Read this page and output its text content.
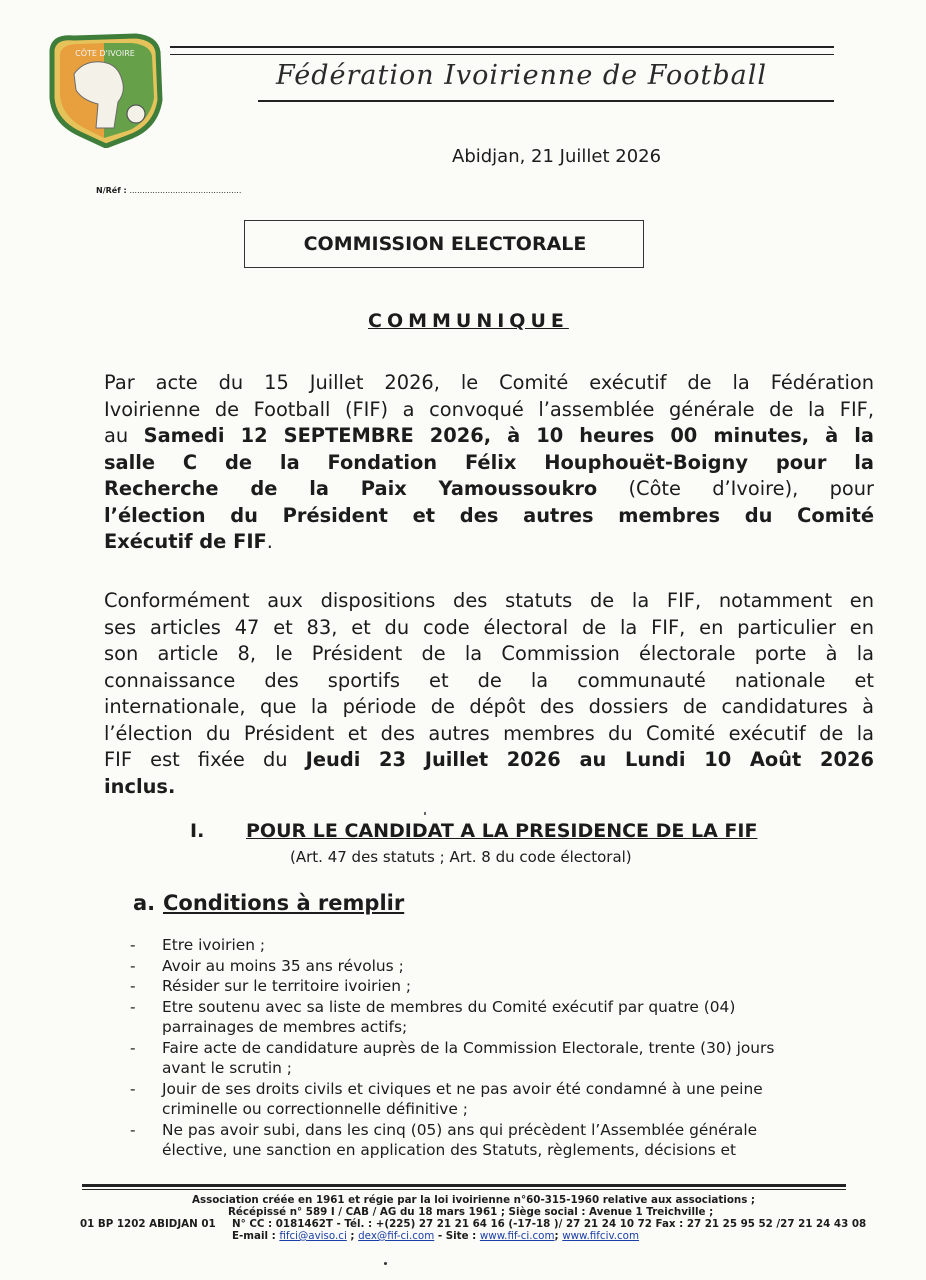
CÔTE D'IVOIRE
Fédération Ivoirienne de Football
Abidjan, 21 Juillet 2026
N/Réf : ............................................
COMMISSION ELECTORALE
COMMUNIQUE
Par acte du 15 Juillet 2026, le Comité exécutif de la Fédération
Ivoirienne de Football (FIF) a convoqué l’assemblée générale de la FIF,
au Samedi 12 SEPTEMBRE 2026, à 10 heures 00 minutes, à la
salle C de la Fondation Félix Houphouët-Boigny pour la
Recherche de la Paix Yamoussoukro (Côte d’Ivoire), pour
l’élection du Président et des autres membres du Comité
Exécutif de FIF.
Conformément aux dispositions des statuts de la FIF, notamment en
ses articles 47 et 83, et du code électoral de la FIF, en particulier en
son article 8, le Président de la Commission électorale porte à la
connaissance des sportifs et de la communauté nationale et
internationale, que la période de dépôt des dossiers de candidatures à
l’élection du Président et des autres membres du Comité exécutif de la
FIF est fixée du Jeudi 23 Juillet 2026 au Lundi 10 Août 2026
inclus.
I. POUR LE CANDIDAT A LA PRESIDENCE DE LA FIF
(Art. 47 des statuts ; Art. 8 du code électoral)
a. Conditions à remplir
- Etre ivoirien ;
- Avoir au moins 35 ans révolus ;
- Résider sur le territoire ivoirien ;
- Etre soutenu avec sa liste de membres du Comité exécutif par quatre (04)
parrainages de membres actifs;
- Faire acte de candidature auprès de la Commission Electorale, trente (30) jours
avant le scrutin ;
- Jouir de ses droits civils et civiques et ne pas avoir été condamné à une peine
criminelle ou correctionnelle définitive ;
- Ne pas avoir subi, dans les cinq (05) ans qui précèdent l’Assemblée générale
élective, une sanction en application des Statuts, règlements, décisions et
Association créée en 1961 et régie par la loi ivoirienne n°60-315-1960 relative aux associations ;
Récépissé n° 589 I / CAB / AG du 18 mars 1961 ; Siège social : Avenue 1 Treichville ;
01 BP 1202 ABIDJAN 01 N° CC : 0181462T - Tél. : +(225) 27 21 21 64 16 (-17-18 )/ 27 21 24 10 72 Fax : 27 21 25 95 52 /27 21 24 43 08
E-mail : fifci@aviso.ci ; dex@fif-ci.com - Site : www.fif-ci.com; www.fifciv.com
